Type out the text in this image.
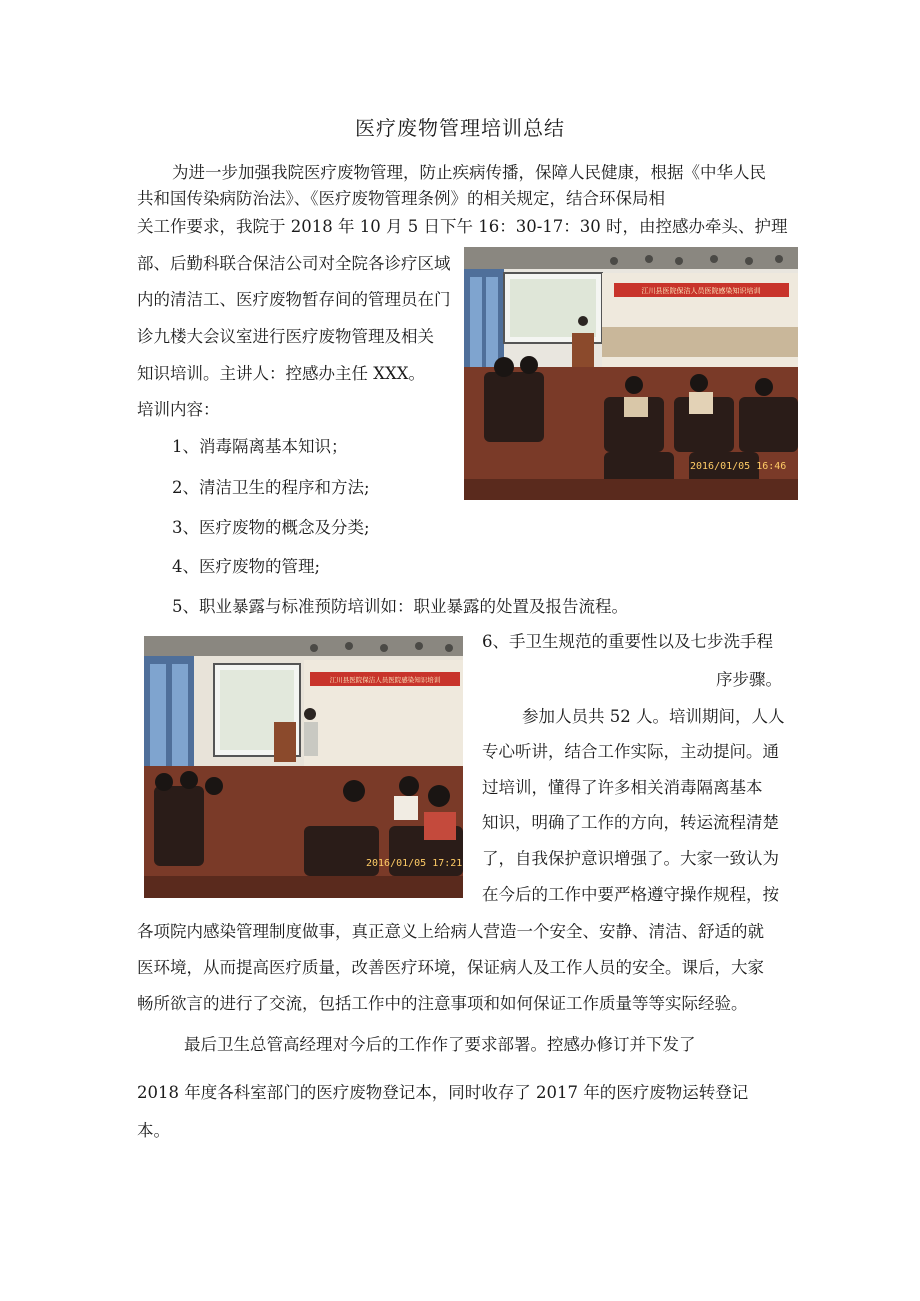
医疗废物管理培训总结
为进一步加强我院医疗废物管理，防止疾病传播，保障人民健康，根据《中华人民
共和国传染病防治法》、《医疗废物管理条例》的相关规定，结合环保局相
关工作要求，我院于 2018 年 10 月 5 日下午 16：30-17：30 时，由控感办牵头、护理
部、后勤科联合保洁公司对全院各诊疗区域
内的清洁工、医疗废物暂存间的管理员在门
诊九楼大会议室进行医疗废物管理及相关
知识培训。主讲人：控感办主任 XXX。
培训内容：
1、消毒隔离基本知识；
2、清洁卫生的程序和方法;
3、医疗废物的概念及分类;
4、医疗废物的管理;
5、职业暴露与标准预防培训如：职业暴露的处置及报告流程。
6、手卫生规范的重要性以及七步洗手程
序步骤。
参加人员共 52 人。培训期间，人人
专心听讲，结合工作实际，主动提问。通
过培训，懂得了许多相关消毒隔离基本
知识，明确了工作的方向，转运流程清楚
了，自我保护意识增强了。大家一致认为
在今后的工作中要严格遵守操作规程，按
各项院内感染管理制度做事，真正意义上给病人营造一个安全、安静、清洁、舒适的就
医环境，从而提高医疗质量，改善医疗环境，保证病人及工作人员的安全。课后，大家
畅所欲言的进行了交流，包括工作中的注意事项和如何保证工作质量等等实际经验。
最后卫生总管高经理对今后的工作作了要求部署。控感办修订并下发了
2018 年度各科室部门的医疗废物登记本，同时收存了 2017 年的医疗废物运转登记
本。
江川县医院保洁人员医院感染知识培训
2016/01/05 16:46
江川县医院保洁人员医院感染知识培训
2016/01/05 17:21
